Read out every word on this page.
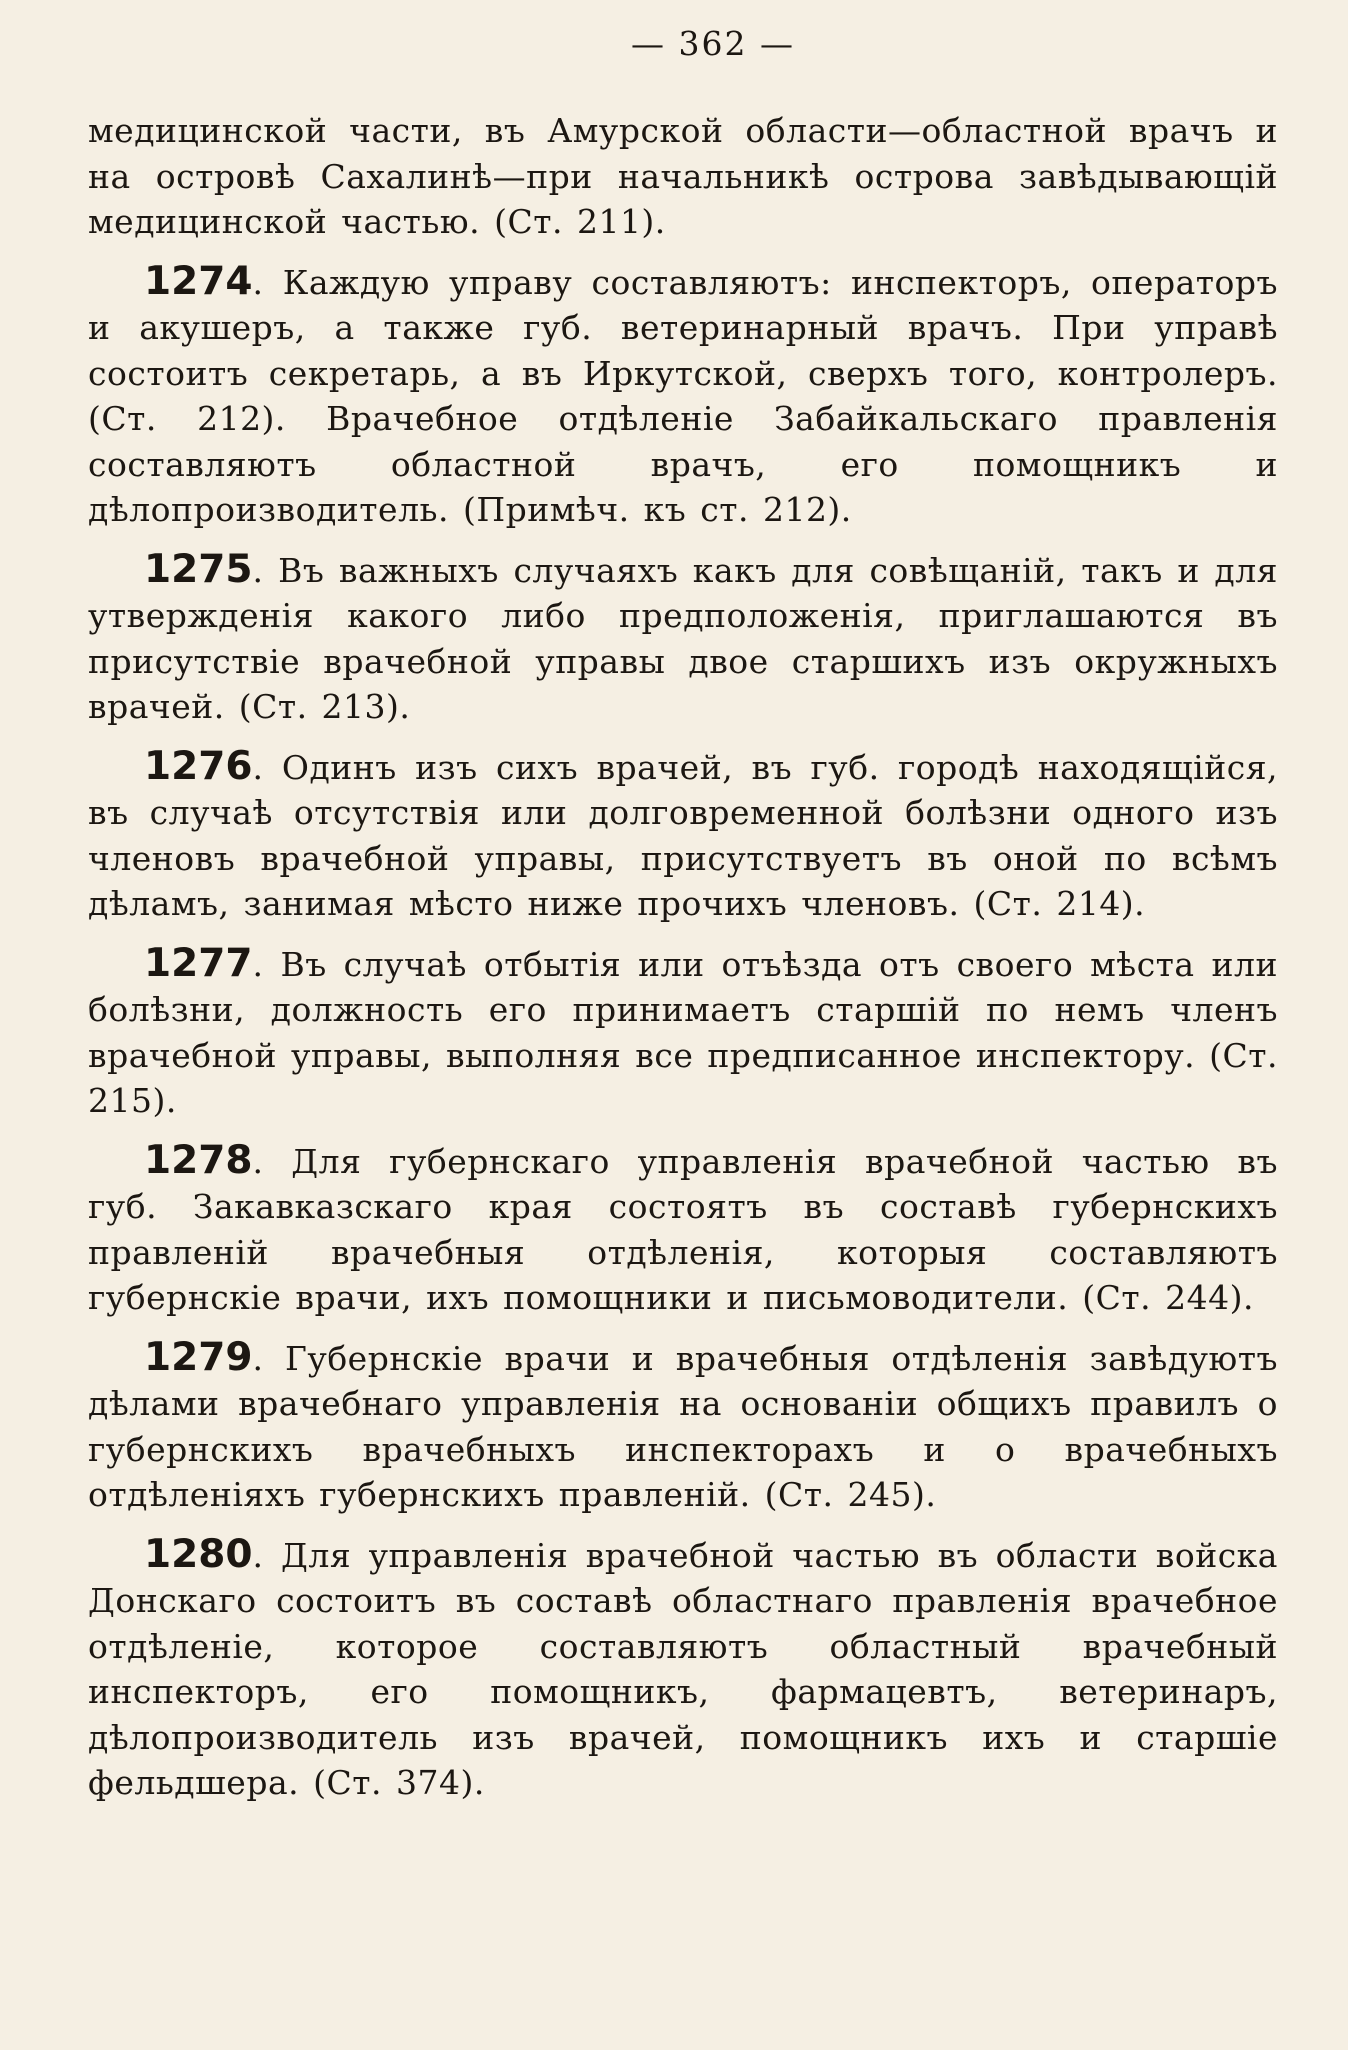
— 362 —

медицинской части, въ Амурской области—областной врачъ и на островѣ Сахалинѣ—при начальникѣ острова завѣдывающій медицинской частью. (Ст. 211).

1274. Каждую управу составляютъ: инспекторъ, операторъ и акушеръ, а также губ. ветеринарный врачъ. При управѣ состоитъ секретарь, а въ Иркутской, сверхъ того, контролеръ. (Ст. 212). Врачебное отдѣленіе Забайкальскаго правленія составляютъ областной врачъ, его помощникъ и дѣлопроизводитель. (Примѣч. къ ст. 212).

1275. Въ важныхъ случаяхъ какъ для совѣщаній, такъ и для утвержденія какого либо предположенія, приглашаются въ присутствіе врачебной управы двое старшихъ изъ окружныхъ врачей. (Ст. 213).

1276. Одинъ изъ сихъ врачей, въ губ. городѣ находящійся, въ случаѣ отсутствія или долговременной болѣзни одного изъ членовъ врачебной управы, присутствуетъ въ оной по всѣмъ дѣламъ, занимая мѣсто ниже прочихъ членовъ. (Ст. 214).

1277. Въ случаѣ отбытія или отъѣзда отъ своего мѣста или болѣзни, должность его принимаетъ старшій по немъ членъ врачебной управы, выполняя все предписанное инспектору. (Ст. 215).

1278. Для губернскаго управленія врачебной частью въ губ. Закавказскаго края состоятъ въ составѣ губернскихъ правленій врачебныя отдѣленія, которыя составляютъ губернскіе врачи, ихъ помощники и письмоводители. (Ст. 244).

1279. Губернскіе врачи и врачебныя отдѣленія завѣдуютъ дѣлами врачебнаго управленія на основаніи общихъ правилъ о губернскихъ врачебныхъ инспекторахъ и о врачебныхъ отдѣленіяхъ губернскихъ правленій. (Ст. 245).

1280. Для управленія врачебной частью въ области войска Донскаго состоитъ въ составѣ областнаго правленія врачебное отдѣленіе, которое составляютъ областный врачебный инспекторъ, его помощникъ, фармацевтъ, ветеринаръ, дѣлопроизводитель изъ врачей, помощникъ ихъ и старшіе фельдшера. (Ст. 374).
